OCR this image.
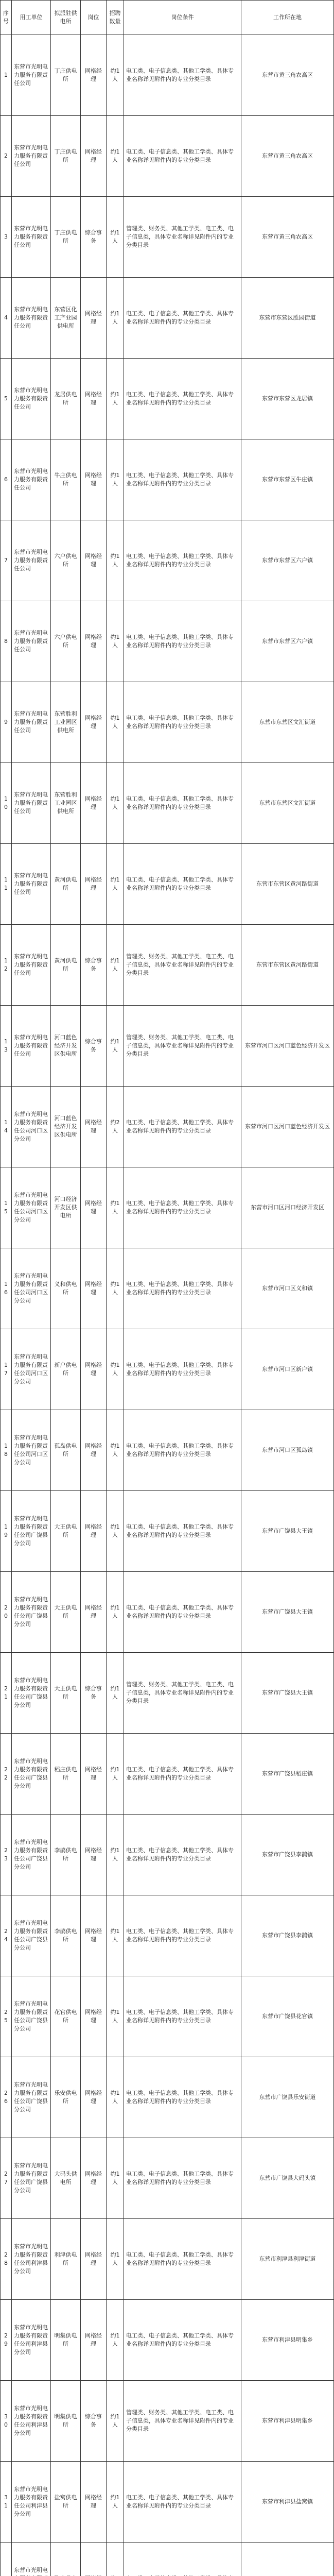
序号	用工单位	拟派驻供电所	岗位	招聘数量	岗位条件	工作所在地
1	东营市光明电力服务有限责任公司	丁庄供电所	网格经理	约1人	电工类、电子信息类、其他工学类、具体专业名称详见附件内的专业分类目录	东营市黄三角农高区
2	东营市光明电力服务有限责任公司	丁庄供电所	网格经理	约1人	电工类、电子信息类、其他工学类、具体专业名称详见附件内的专业分类目录	东营市黄三角农高区
3	东营市光明电力服务有限责任公司	丁庄供电所	综合事务	约1人	管理类、财务类、其他工学类、电工类、电子信息类，具体专业名称详见附件内的专业分类目录	东营市黄三角农高区
4	东营市光明电力服务有限责任公司	东营区化工产业园供电所	网格经理	约1人	电工类、电子信息类、其他工学类、具体专业名称详见附件内的专业分类目录	东营市东营区胜园街道
5	东营市光明电力服务有限责任公司	龙居供电所	网格经理	约1人	电工类、电子信息类、其他工学类、具体专业名称详见附件内的专业分类目录	东营市东营区龙居镇
6	东营市光明电力服务有限责任公司	牛庄供电所	网格经理	约1人	电工类、电子信息类、其他工学类、具体专业名称详见附件内的专业分类目录	东营市东营区牛庄镇
7	东营市光明电力服务有限责任公司	六户供电所	网格经理	约1人	电工类、电子信息类、其他工学类、具体专业名称详见附件内的专业分类目录	东营市东营区六户镇
8	东营市光明电力服务有限责任公司	六户供电所	网格经理	约1人	电工类、电子信息类、其他工学类、具体专业名称详见附件内的专业分类目录	东营市东营区六户镇
9	东营市光明电力服务有限责任公司	东营胜利工业园区供电所	网格经理	约1人	电工类、电子信息类、其他工学类、具体专业名称详见附件内的专业分类目录	东营市东营区文汇街道
10	东营市光明电力服务有限责任公司	东营胜利工业园区供电所	网格经理	约1人	电工类、电子信息类、其他工学类、具体专业名称详见附件内的专业分类目录	东营市东营区文汇街道
11	东营市光明电力服务有限责任公司	黄河供电所	网格经理	约1人	电工类、电子信息类、其他工学类、具体专业名称详见附件内的专业分类目录	东营市东营区黄河路街道
12	东营市光明电力服务有限责任公司	黄河供电所	综合事务	约1人	管理类、财务类、其他工学类、电工类、电子信息类，具体专业名称详见附件内的专业分类目录	东营市东营区黄河路街道
13	东营市光明电力服务有限责任公司	河口蓝色经济开发区供电所	综合事务	约1人	管理类、财务类、其他工学类、电工类、电子信息类，具体专业名称详见附件内的专业分类目录	东营市河口区河口蓝色经济开发区
14	东营市光明电力服务有限责任公司河口区分公司	河口蓝色经济开发区供电所	网格经理	约2人	电工类、电子信息类、其他工学类、具体专业名称详见附件内的专业分类目录	东营市河口区河口蓝色经济开发区
15	东营市光明电力服务有限责任公司河口区分公司	河口经济开发区供电所	网格经理	约1人	电工类、电子信息类、其他工学类、具体专业名称详见附件内的专业分类目录	东营市河口区河口经济开发区
16	东营市光明电力服务有限责任公司河口区分公司	义和供电所	网格经理	约1人	电工类、电子信息类、其他工学类、具体专业名称详见附件内的专业分类目录	东营市河口区义和镇
17	东营市光明电力服务有限责任公司河口区分公司	新户供电所	网格经理	约1人	电工类、电子信息类、其他工学类、具体专业名称详见附件内的专业分类目录	东营市河口区新户镇
18	东营市光明电力服务有限责任公司河口区分公司	孤岛供电所	网格经理	约1人	电工类、电子信息类、其他工学类、具体专业名称详见附件内的专业分类目录	东营市河口区孤岛镇
19	东营市光明电力服务有限责任公司广饶县分公司	大王供电所	网格经理	约1人	电工类、电子信息类、其他工学类、具体专业名称详见附件内的专业分类目录	东营市广饶县大王镇
20	东营市光明电力服务有限责任公司广饶县分公司	大王供电所	网格经理	约1人	电工类、电子信息类、其他工学类、具体专业名称详见附件内的专业分类目录	东营市广饶县大王镇
21	东营市光明电力服务有限责任公司广饶县分公司	大王供电所	综合事务	约1人	管理类、财务类、其他工学类、电工类、电子信息类，具体专业名称详见附件内的专业分类目录	东营市广饶县大王镇
22	东营市光明电力服务有限责任公司广饶县分公司	稻庄供电所	网格经理	约1人	电工类、电子信息类、其他工学类、具体专业名称详见附件内的专业分类目录	东营市广饶县稻庄镇
23	东营市光明电力服务有限责任公司广饶县分公司	李鹊供电所	网格经理	约1人	电工类、电子信息类、其他工学类、具体专业名称详见附件内的专业分类目录	东营市广饶县李鹊镇
24	东营市光明电力服务有限责任公司广饶县分公司	李鹊供电所	网格经理	约1人	电工类、电子信息类、其他工学类、具体专业名称详见附件内的专业分类目录	东营市广饶县李鹊镇
25	东营市光明电力服务有限责任公司广饶县分公司	花官供电所	网格经理	约1人	电工类、电子信息类、其他工学类、具体专业名称详见附件内的专业分类目录	东营市广饶县花官镇
26	东营市光明电力服务有限责任公司广饶县分公司	乐安供电所	网格经理	约1人	电工类、电子信息类、其他工学类、具体专业名称详见附件内的专业分类目录	东营市广饶县乐安街道
27	东营市光明电力服务有限责任公司广饶县分公司	大码头供电所	网格经理	约1人	电工类、电子信息类、其他工学类、具体专业名称详见附件内的专业分类目录	东营市广饶县大码头镇
28	东营市光明电力服务有限责任公司利津县分公司	利津供电所	网格经理	约1人	电工类、电子信息类、其他工学类、具体专业名称详见附件内的专业分类目录	东营市利津县利津街道
29	东营市光明电力服务有限责任公司利津县分公司	明集供电所	网格经理	约1人	电工类、电子信息类、其他工学类、具体专业名称详见附件内的专业分类目录	东营市利津县明集乡
30	东营市光明电力服务有限责任公司利津县分公司	明集供电所	综合事务	约1人	管理类、财务类、其他工学类、电工类、电子信息类，具体专业名称详见附件内的专业分类目录	东营市利津县明集乡
31	东营市光明电力服务有限责任公司利津县分公司	盐窝供电所	网格经理	约1人	电工类、电子信息类、其他工学类、具体专业名称详见附件内的专业分类目录	东营市利津县盐窝镇
	东营市光明电					
